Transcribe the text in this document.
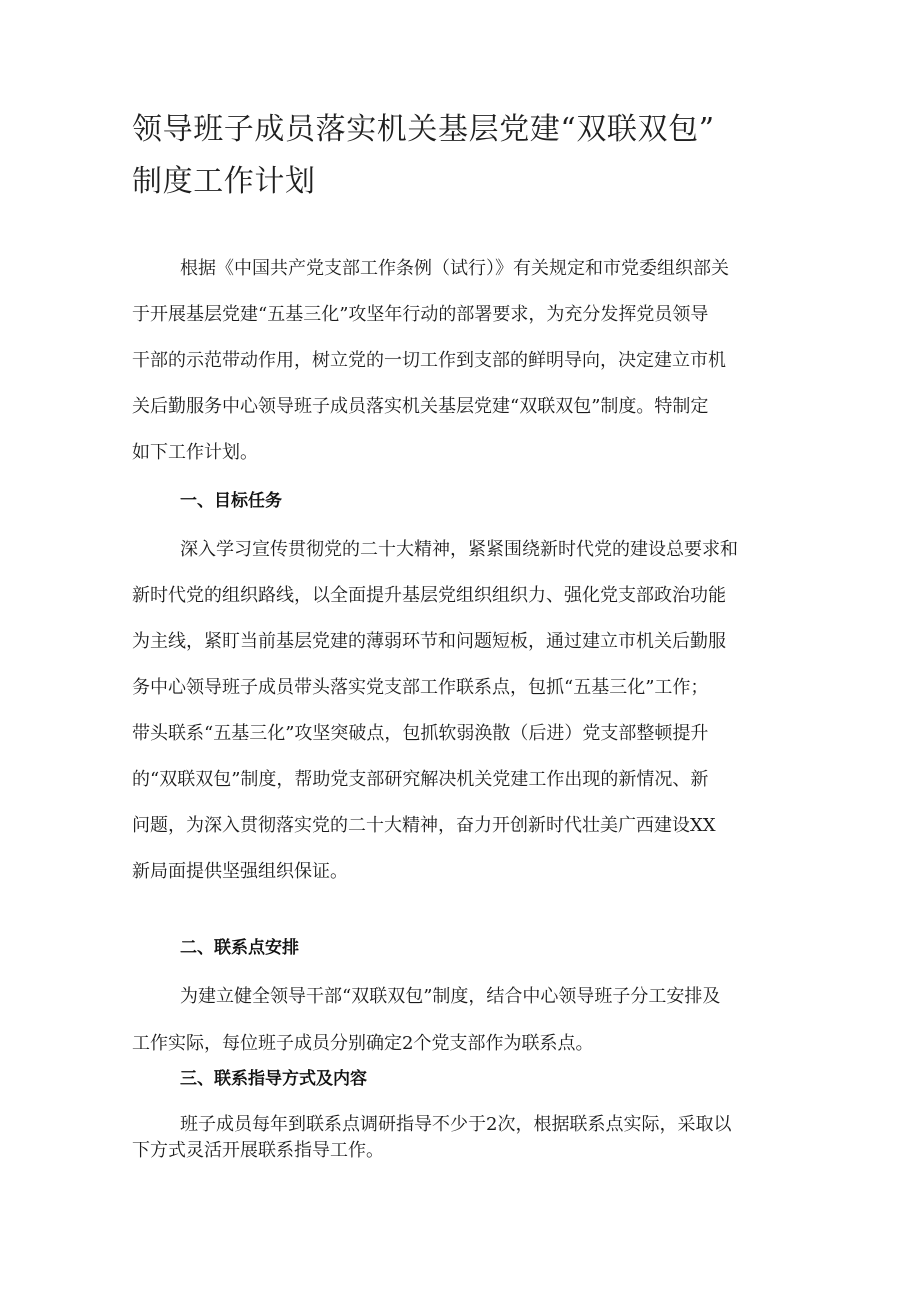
领导班子成员落实机关基层党建“双联双包”
制度工作计划

根据《中国共产党支部工作条例（试行）》有关规定和市党委组织部关

于开展基层党建“五基三化”攻坚年行动的部署要求，为充分发挥党员领导

干部的示范带动作用，树立党的一切工作到支部的鲜明导向，决定建立市机

关后勤服务中心领导班子成员落实机关基层党建“双联双包”制度。特制定

如下工作计划。

一、目标任务

深入学习宣传贯彻党的二十大精神，紧紧围绕新时代党的建设总要求和

新时代党的组织路线，以全面提升基层党组织组织力、强化党支部政治功能

为主线，紧盯当前基层党建的薄弱环节和问题短板，通过建立市机关后勤服

务中心领导班子成员带头落实党支部工作联系点，包抓“五基三化”工作；

带头联系“五基三化”攻坚突破点，包抓软弱涣散（后进）党支部整顿提升

的“双联双包”制度，帮助党支部研究解决机关党建工作出现的新情况、新

问题，为深入贯彻落实党的二十大精神，奋力开创新时代壮美广西建设XX

新局面提供坚强组织保证。

二、联系点安排

为建立健全领导干部“双联双包”制度，结合中心领导班子分工安排及

工作实际，每位班子成员分别确定2个党支部作为联系点。

三、联系指导方式及内容

班子成员每年到联系点调研指导不少于2次，根据联系点实际，采取以

下方式灵活开展联系指导工作。
